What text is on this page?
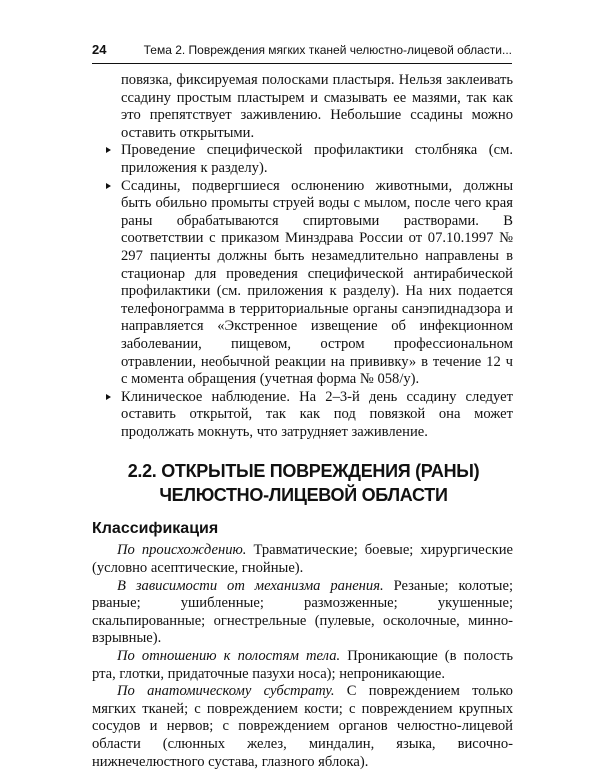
24	Тема 2. Повреждения мягких тканей челюстно-лицевой области...

повязка, фиксируемая полосками пластыря. Нельзя заклеивать ссадину простым пластырем и смазывать ее мазями, так как это препятствует заживлению. Небольшие ссадины можно оставить открытыми.

Проведение специфической профилактики столбняка (см. приложения к разделу).
Ссадины, подвергшиеся ослюнению животными, должны быть обильно промыты струей воды с мылом, после чего края раны обрабатываются спиртовыми растворами. В соответствии с приказом Минздрава России от 07.10.1997 № 297 пациенты должны быть незамедлительно направлены в стационар для проведения специфической антирабической профилактики (см. приложения к разделу). На них подается телефонограмма в территориальные органы санэпиднадзора и направляется «Экстренное извещение об инфекционном заболевании, пищевом, остром профессиональном отравлении, необычной реакции на прививку» в течение 12 ч с момента обращения (учетная форма № 058/у).
Клиническое наблюдение. На 2–3-й день ссадину следует оставить открытой, так как под повязкой она может продолжать мокнуть, что затрудняет заживление.
2.2. ОТКРЫТЫЕ ПОВРЕЖДЕНИЯ (РАНЫ)
ЧЕЛЮСТНО-ЛИЦЕВОЙ ОБЛАСТИ
Классификация

По происхождению. Травматические; боевые; хирургические (условно асептические, гнойные).

В зависимости от механизма ранения. Резаные; колотые; рваные; ушибленные; размозженные; укушенные; скальпированные; огнестрельные (пулевые, осколочные, минно-взрывные).

По отношению к полостям тела. Проникающие (в полость рта, глотки, придаточные пазухи носа); непроникающие.

По анатомическому субстрату. С повреждением только мягких тканей; с повреждением кости; с повреждением крупных сосудов и нервов; с повреждением органов челюстно-лицевой области (слюнных желез, миндалин, языка, височно-нижнечелюстного сустава, глазного яблока).
